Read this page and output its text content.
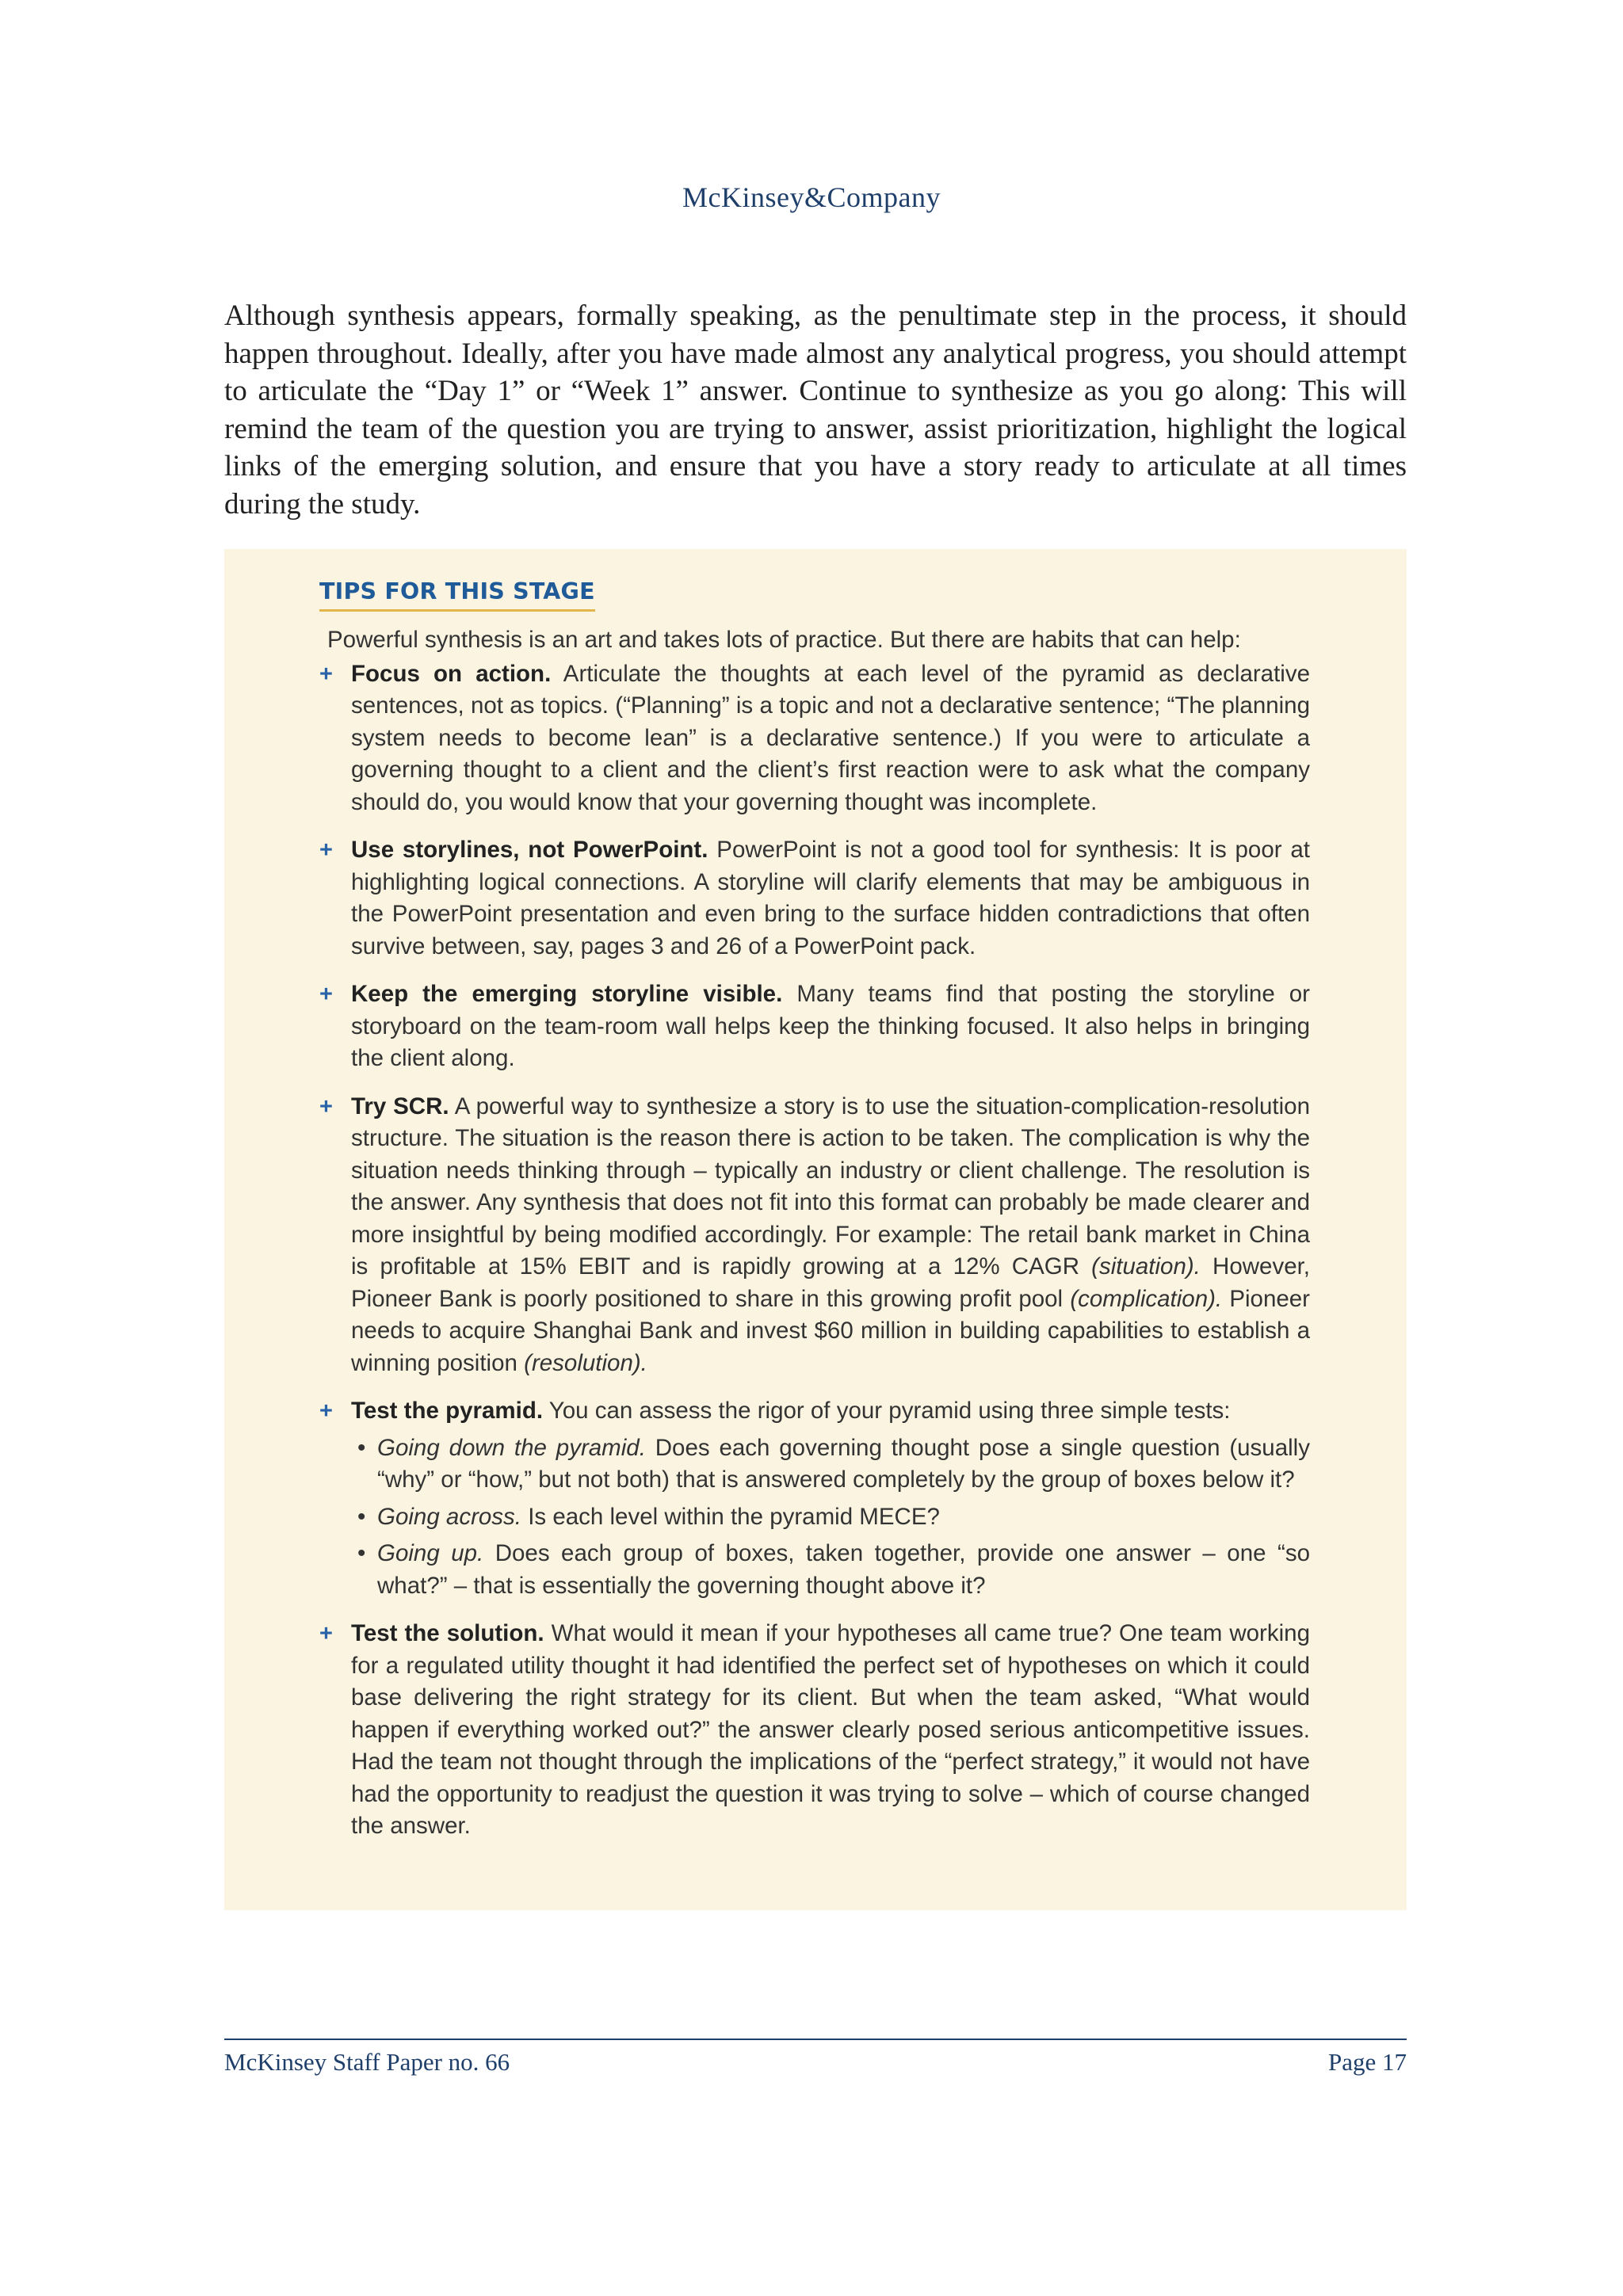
McKinsey&Company

Although synthesis appears, formally speaking, as the penultimate step in the process, it should happen throughout. Ideally, after you have made almost any analytical progress, you should attempt to articulate the “Day 1” or “Week 1” answer. Continue to synthesize as you go along: This will remind the team of the question you are trying to answer, assist prioritization, highlight the logical links of the emerging solution, and ensure that you have a story ready to articulate at all times during the study.

TIPS FOR THIS STAGE

Powerful synthesis is an art and takes lots of practice. But there are habits that can help:

+ Focus on action. Articulate the thoughts at each level of the pyramid as declarative sentences, not as topics. (“Planning” is a topic and not a declarative sentence; “The planning system needs to become lean” is a declarative sentence.) If you were to articulate a governing thought to a client and the client’s first reaction were to ask what the company should do, you would know that your governing thought was incomplete.
+ Use storylines, not PowerPoint. PowerPoint is not a good tool for synthesis: It is poor at highlighting logical connections. A storyline will clarify elements that may be ambiguous in the PowerPoint presentation and even bring to the surface hidden contradictions that often survive between, say, pages 3 and 26 of a PowerPoint pack.
+ Keep the emerging storyline visible. Many teams find that posting the storyline or storyboard on the team-room wall helps keep the thinking focused. It also helps in bringing the client along.
+ Try SCR. A powerful way to synthesize a story is to use the situation-complication-resolution structure. The situation is the reason there is action to be taken. The complication is why the situation needs thinking through – typically an industry or client challenge. The resolution is the answer. Any synthesis that does not fit into this format can probably be made clearer and more insightful by being modified accordingly. For example: The retail bank market in China is profitable at 15% EBIT and is rapidly growing at a 12% CAGR (situation). However, Pioneer Bank is poorly positioned to share in this growing profit pool (complication). Pioneer needs to acquire Shanghai Bank and invest $60 million in building capabilities to establish a winning position (resolution).
+ Test the pyramid. You can assess the rigor of your pyramid using three simple tests:
• Going down the pyramid. Does each governing thought pose a single question (usually “why” or “how,” but not both) that is answered completely by the group of boxes below it?
• Going across. Is each level within the pyramid MECE?
• Going up. Does each group of boxes, taken together, provide one answer – one “so what?” – that is essentially the governing thought above it?
+ Test the solution. What would it mean if your hypotheses all came true? One team working for a regulated utility thought it had identified the perfect set of hypotheses on which it could base delivering the right strategy for its client. But when the team asked, “What would happen if everything worked out?” the answer clearly posed serious anticompetitive issues. Had the team not thought through the implications of the “perfect strategy,” it would not have had the opportunity to readjust the question it was trying to solve – which of course changed the answer.
McKinsey Staff Paper no. 66	Page 17
